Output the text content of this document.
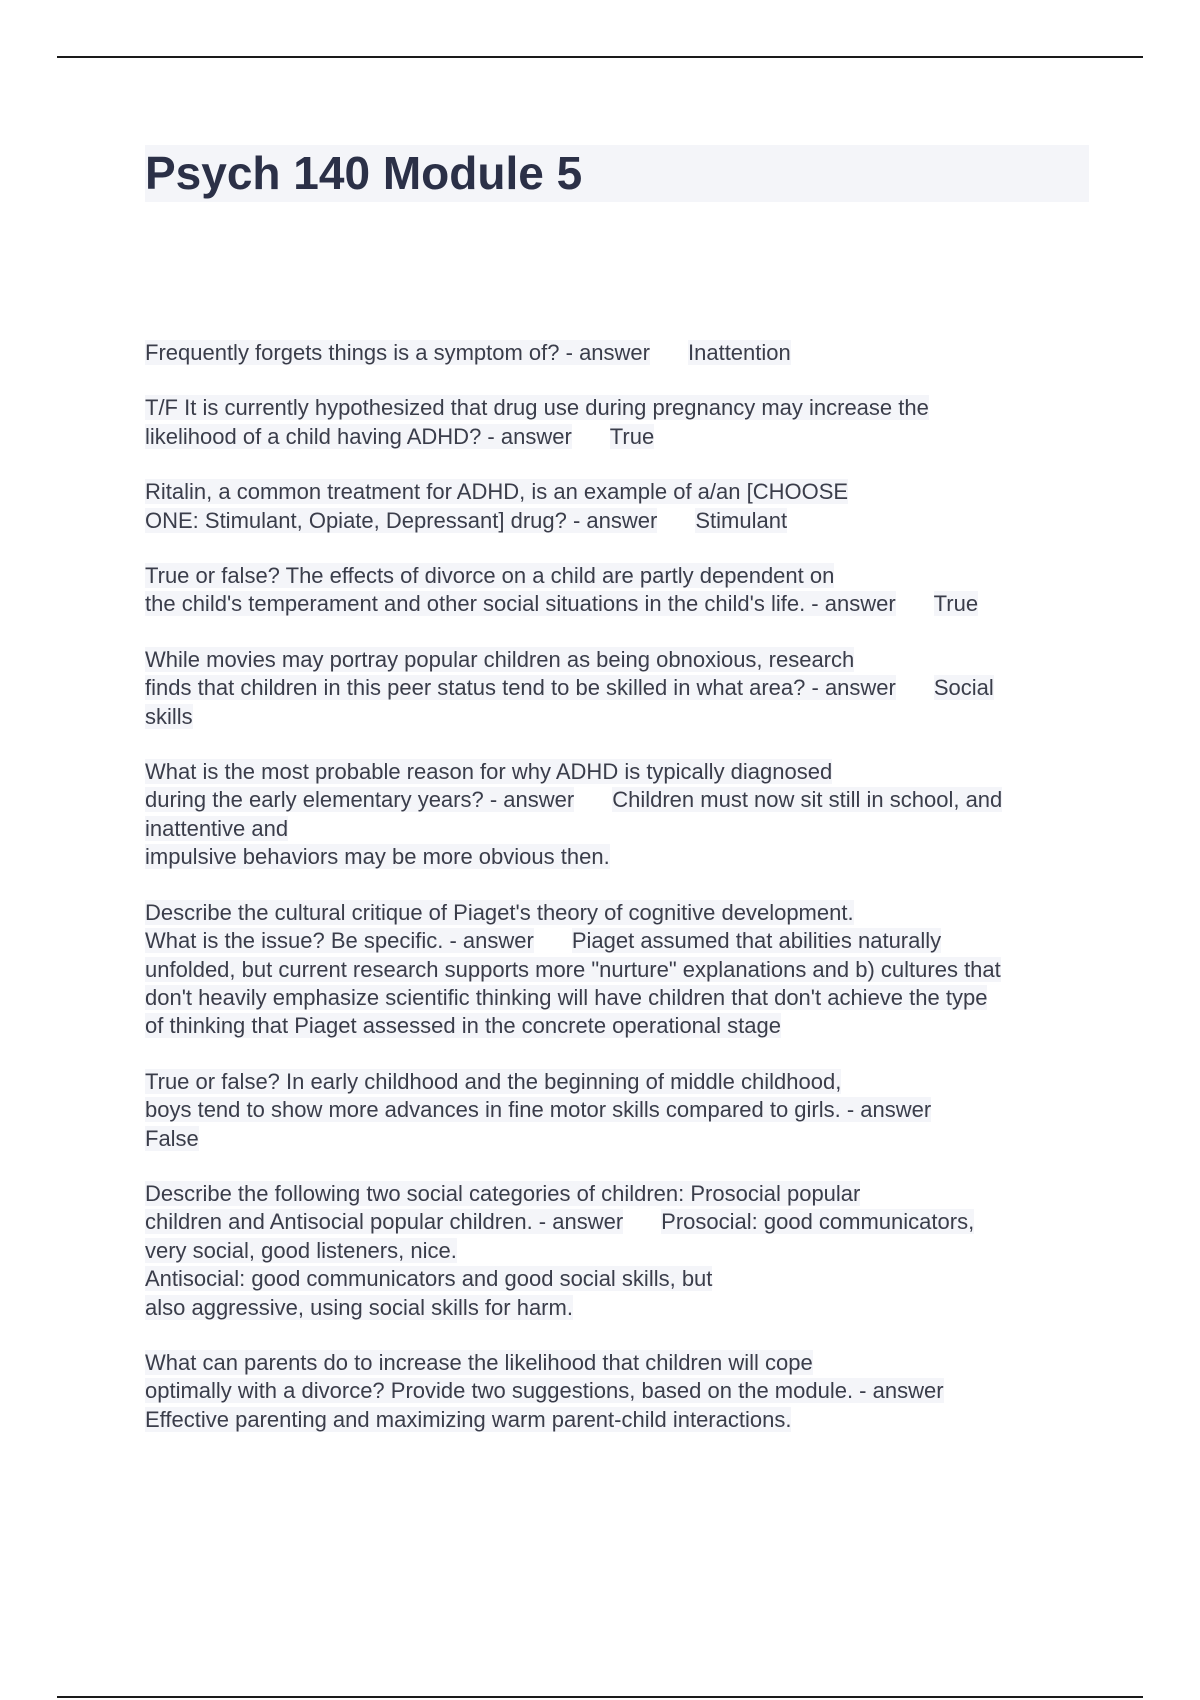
Psych 140 Module 5
Frequently forgets things is a symptom of? - answer Inattention
T/F It is currently hypothesized that drug use during pregnancy may increase the
likelihood of a child having ADHD? - answer True
Ritalin, a common treatment for ADHD, is an example of a/an [CHOOSE
ONE: Stimulant, Opiate, Depressant] drug? - answer Stimulant
True or false? The effects of divorce on a child are partly dependent on
the child's temperament and other social situations in the child's life. - answer True
While movies may portray popular children as being obnoxious, research
finds that children in this peer status tend to be skilled in what area? - answer Social
skills
What is the most probable reason for why ADHD is typically diagnosed
during the early elementary years? - answer Children must now sit still in school, and
inattentive and
impulsive behaviors may be more obvious then.
Describe the cultural critique of Piaget's theory of cognitive development.
What is the issue? Be specific. - answer Piaget assumed that abilities naturally
unfolded, but current research supports more "nurture" explanations and b) cultures that
don't heavily emphasize scientific thinking will have children that don't achieve the type
of thinking that Piaget assessed in the concrete operational stage
True or false? In early childhood and the beginning of middle childhood,
boys tend to show more advances in fine motor skills compared to girls. - answer
False
Describe the following two social categories of children: Prosocial popular
children and Antisocial popular children. - answer Prosocial: good communicators,
very social, good listeners, nice.
Antisocial: good communicators and good social skills, but
also aggressive, using social skills for harm.
What can parents do to increase the likelihood that children will cope
optimally with a divorce? Provide two suggestions, based on the module. - answer
Effective parenting and maximizing warm parent-child interactions.
